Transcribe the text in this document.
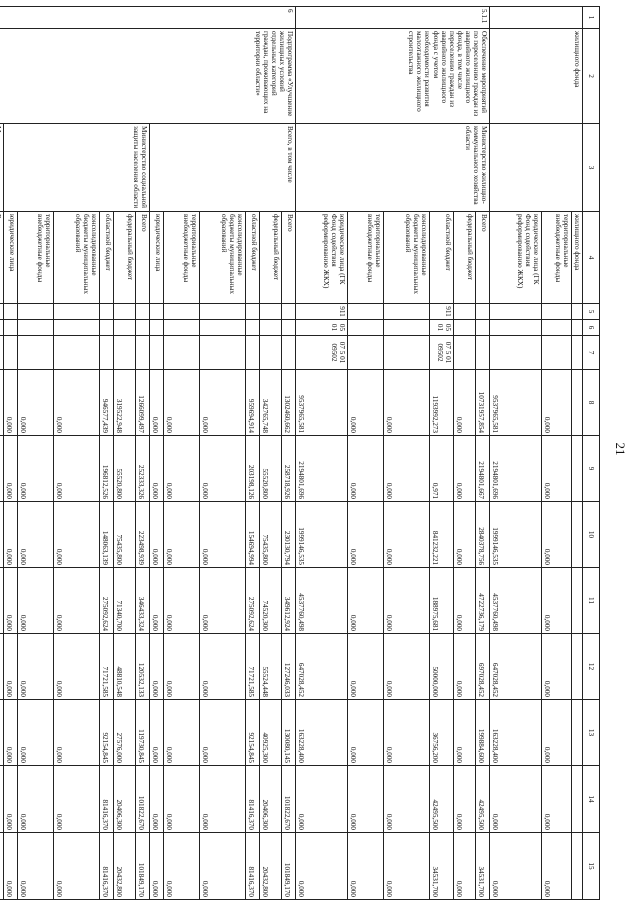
21
1	2	3	4	5	6	7	8	9	10	11	12	13	14	15
	жилищного фонда		жилищного фонда											
			территориальные внебюджетные фонды				0,000	0,000	0,000	0,000	0,000	0,000	0,000	0,000
			юридические лица (ГК Фонд содействия реформированию ЖКХ)				9537965,581	2194801,696	1999146,535	4537760,498	647028,452	163228,400	0,000	0,000
5.1.1	Обеспечение мероприятий по переселению граждан из аварийного жилищного фонда, в том числе переселению граждан из аварийного жилищного фонда с учетом необходимости развития малоэтажного жилищного строительства	Министерство жилищно-коммунального хозяйства области	Всего				10731957,854	2194801,667	2840378,756	4722736,179	697028,452	199884,600	42495,500	34531,700
			федеральный бюджет				0,000	0,000	0,000	0,000	0,000	0,000	0,000	0,000
			областной бюджет	911	05 01	07 5 01 09502	1193992,273	0,971	841232,221	188975,681	50000,000	36756,200	42495,500	34531,700
			консолидированные бюджеты муниципальных образований				0,000	0,000	0,000	0,000	0,000	0,000	0,000	0,000
			территориальные внебюджетные фонды				0,000	0,000	0,000	0,000	0,000	0,000	0,000	0,000
			юридические лица (ГК Фонд содействия реформированию ЖКХ)	911	05 01	07 5 01 09502	9537965,581	2194801,696	1999146,535	4537760,498	647028,452	163228,400	0,000	0,000
6	Подпрограмма «Улучшение жилищных условий отдельных категорий граждан, проживающих на территории области»	Всего, в том числе	Всего				1302460,662	258718,926	230130,794	349612,924	127246,033	130080,145	101822,670	101849,170
			федеральный бюджет				342765,748	55520,800	75435,800	74520,300	55524,448	40925,300	20406,300	20432,800
			областной бюджет				959694,914	203198,126	154694,994	275092,624	71721,585	92154,845	81416,370	81416,370
			консолидированные бюджеты муниципальных образований				0,000	0,000	0,000	0,000	0,000	0,000	0,000	0,000
			территориальные внебюджетные фонды				0,000	0,000	0,000	0,000	0,000	0,000	0,000	0,000
			юридические лица				0,000	0,000	0,000	0,000	0,000	0,000	0,000	0,000
		Министерство социальной защиты населения области	Всего				1266099,497	252333,326	223498,939	346433,324	120532,133	119730,845	101822,670	101849,170
			федеральный бюджет				319522,948	55520,800	75435,800	71340,700	48810,548	27576,000	20406,300	20432,800
			областной бюджет				946577,439	196812,526	148063,139	275092,624	71721,585	92154,845	81416,370	81416,370
			консолидированные бюджеты муниципальных образований				0,000	0,000	0,000	0,000	0,000	0,000	0,000	0,000
			территориальные внебюджетные фонды				0,000	0,000	0,000	0,000	0,000	0,000	0,000	0,000
			юридические лица				0,000	0,000	0,000	0,000	0,000	0,000	0,000	0,000
